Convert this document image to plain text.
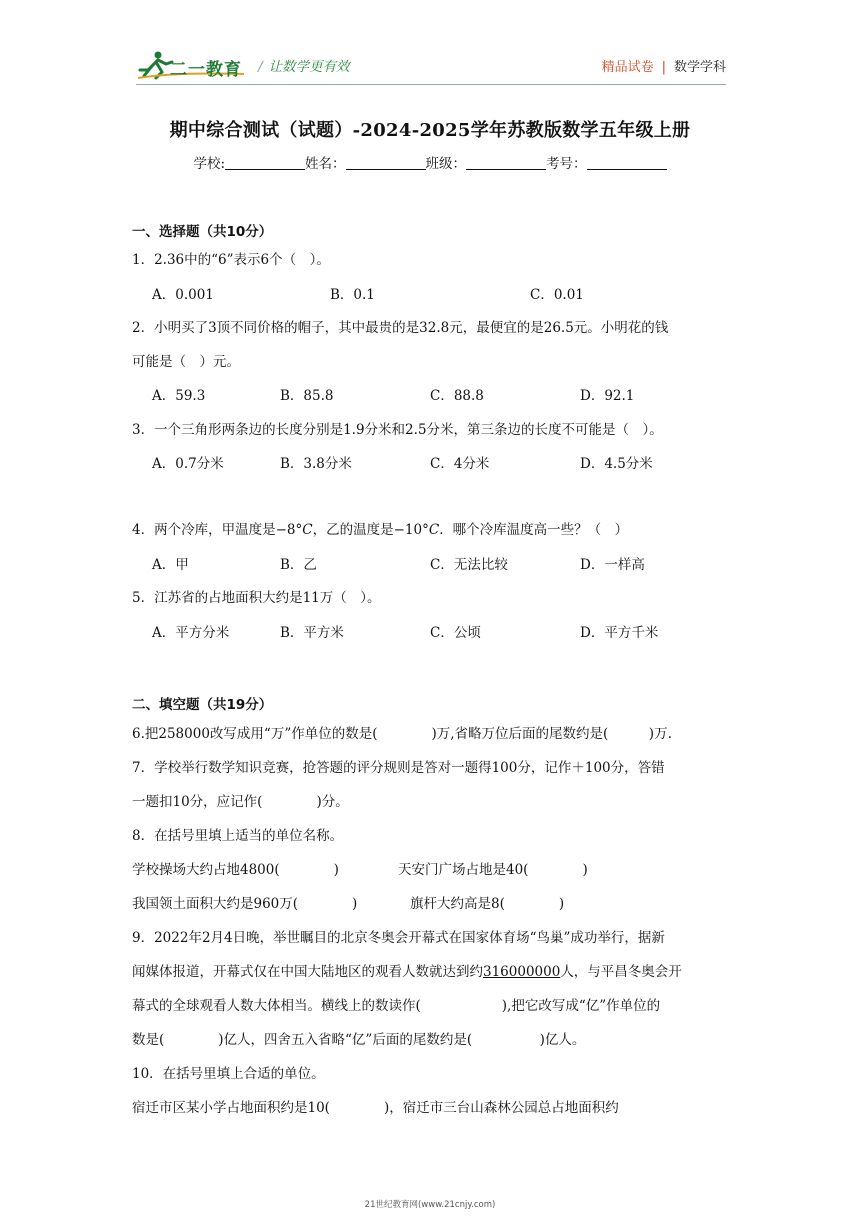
二一教育 / 让数学更有效	精品试卷 | 数学学科
期中综合测试（试题）-2024-2025学年苏教版数学五年级上册
学校:	姓名：	班级：	考号：
一、选择题（共10分）
1．2.36中的“6”表示6个（　）。
A．0.001	B．0.1	C．0.01
2．小明买了3顶不同价格的帽子，其中最贵的是32.8元，最便宜的是26.5元。小明花的钱
可能是（　）元。
A．59.3	B．85.8	C．88.8	D．92.1
3．一个三角形两条边的长度分别是1.9分米和2.5分米，第三条边的长度不可能是（　）。
A．0.7分米	B．3.8分米	C．4分米	D．4.5分米
4．两个冷库，甲温度是−8°C，乙的温度是−10°C．哪个冷库温度高一些？（　）
A．甲	B．乙	C．无法比较	D．一样高
5．江苏省的占地面积大约是11万（　）。
A．平方分米	B．平方米	C．公顷	D．平方千米
二、填空题（共19分）
6.把258000改写成用“万”作单位的数是(　　　　)万,省略万位后面的尾数约是(　　　)万.
7．学校举行数学知识竞赛，抢答题的评分规则是答对一题得100分，记作＋100分，答错
一题扣10分，应记作(　　　　)分。
8．在括号里填上适当的单位名称。
学校操场大约占地4800(　　　　)	天安门广场占地是40(　　　　)
我国领土面积大约是960万(　　　　)	旗杆大约高是8(　　　　)
9．2022年2月4日晚，举世瞩目的北京冬奥会开幕式在国家体育场“鸟巢”成功举行，据新
闻媒体报道，开幕式仅在中国大陆地区的观看人数就达到约316000000人，与平昌冬奥会开
幕式的全球观看人数大体相当。横线上的数读作(　　　　　　),把它改写成“亿”作单位的
数是(　　　　)亿人，四舍五入省略“亿”后面的尾数约是(　　　　　)亿人。
10．在括号里填上合适的单位。
宿迁市区某小学占地面积约是10(　　　　)，宿迁市三台山森林公园总占地面积约
21世纪教育网(www.21cnjy.com)
